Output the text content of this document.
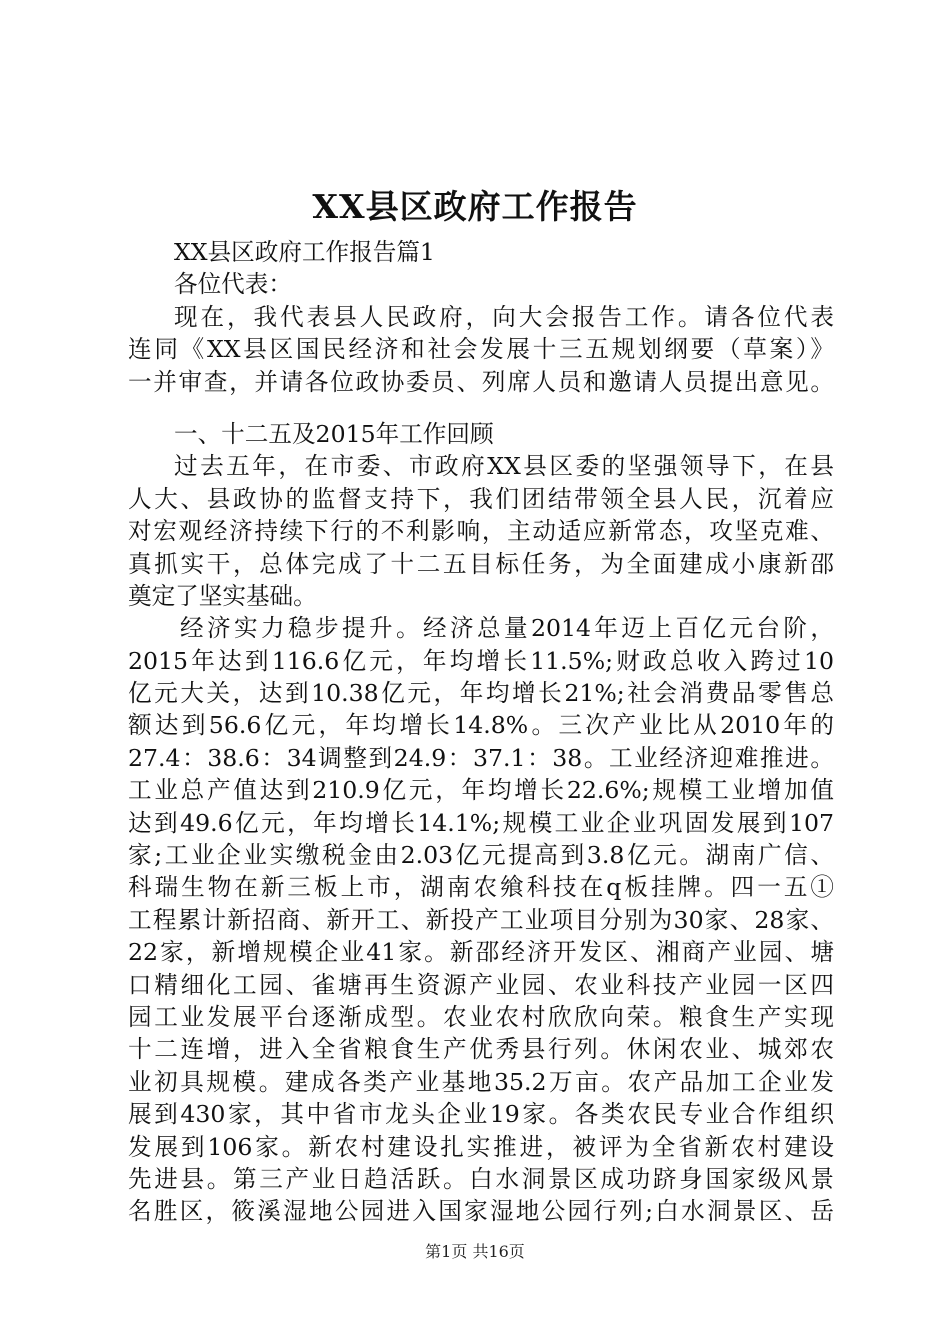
XX县区政府工作报告
XX县区政府工作报告篇1
各位代表：
现在，我代表县人民政府，向大会报告工作。请各位代表
连同《XX县区国民经济和社会发展十三五规划纲要（草案）》
一并审查，并请各位政协委员、列席人员和邀请人员提出意见。
一、十二五及2015年工作回顾
过去五年，在市委、市政府XX县区委的坚强领导下，在县
人大、县政协的监督支持下，我们团结带领全县人民，沉着应
对宏观经济持续下行的不利影响，主动适应新常态，攻坚克难、
真抓实干，总体完成了十二五目标任务，为全面建成小康新邵
奠定了坚实基础。
经济实力稳步提升。经济总量2014年迈上百亿元台阶，
2015年达到116.6亿元，年均增长11.5%;财政总收入跨过10
亿元大关，达到10.38亿元，年均增长21%;社会消费品零售总
额达到56.6亿元，年均增长14.8%。三次产业比从2010年的
27.4：38.6：34调整到24.9：37.1：38。工业经济迎难推进。
工业总产值达到210.9亿元，年均增长22.6%;规模工业增加值
达到49.6亿元，年均增长14.1%;规模工业企业巩固发展到107
家;工业企业实缴税金由2.03亿元提高到3.8亿元。湖南广信、
科瑞生物在新三板上市，湖南农飨科技在q板挂牌。四一五①
工程累计新招商、新开工、新投产工业项目分别为30家、28家、
22家，新增规模企业41家。新邵经济开发区、湘商产业园、塘
口精细化工园、雀塘再生资源产业园、农业科技产业园一区四
园工业发展平台逐渐成型。农业农村欣欣向荣。粮食生产实现
十二连增，进入全省粮食生产优秀县行列。休闲农业、城郊农
业初具规模。建成各类产业基地35.2万亩。农产品加工企业发
展到430家，其中省市龙头企业19家。各类农民专业合作组织
发展到106家。新农村建设扎实推进，被评为全省新农村建设
先进县。第三产业日趋活跃。白水洞景区成功跻身国家级风景
名胜区，筱溪湿地公园进入国家湿地公园行列;白水洞景区、岳
第1页 共16页
